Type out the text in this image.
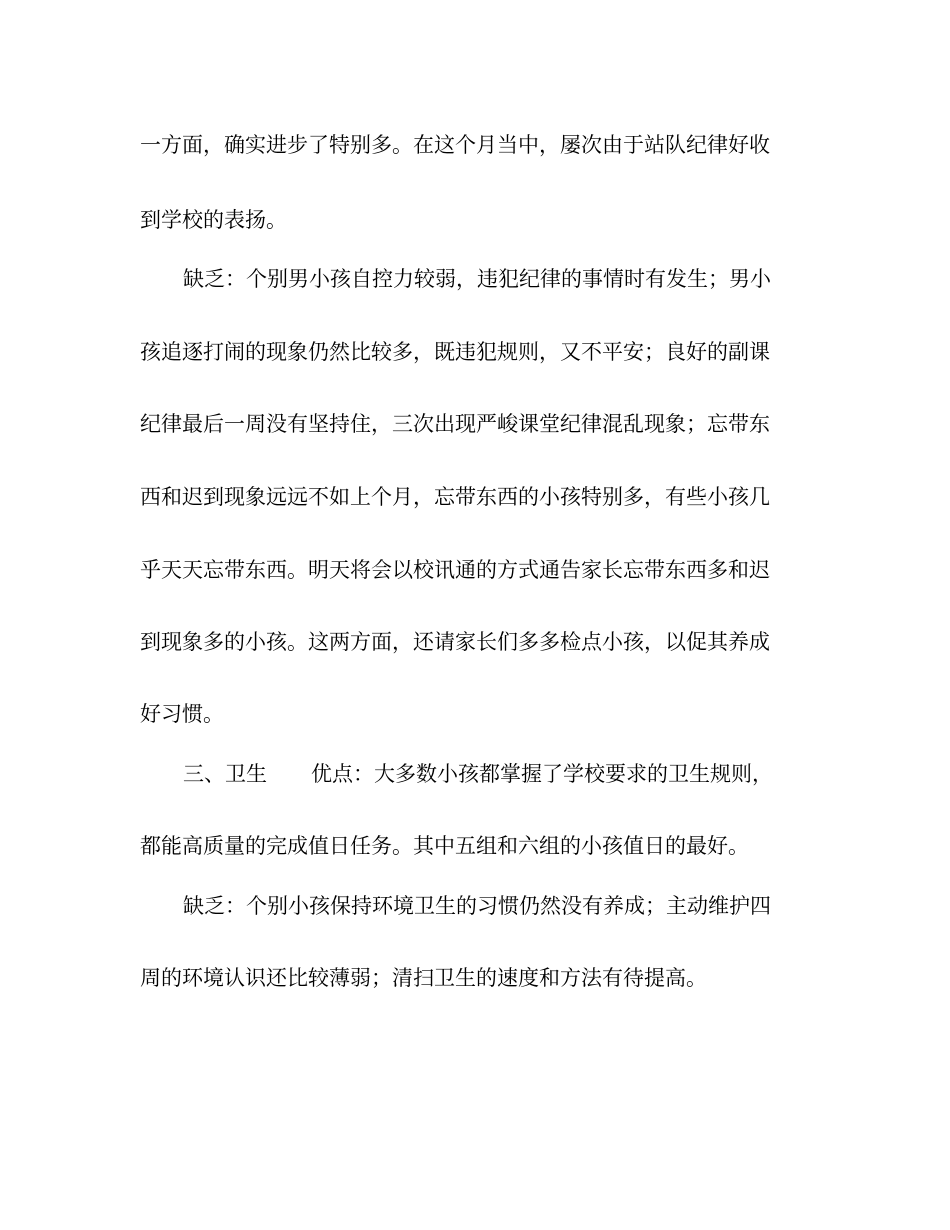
一方面，确实进步了特别多。在这个月当中，屡次由于站队纪律好收
到学校的表扬。
缺乏：个别男小孩自控力较弱，违犯纪律的事情时有发生；男小
孩追逐打闹的现象仍然比较多，既违犯规则，又不平安；良好的副课
纪律最后一周没有坚持住，三次出现严峻课堂纪律混乱现象；忘带东
西和迟到现象远远不如上个月，忘带东西的小孩特别多，有些小孩几
乎天天忘带东西。明天将会以校讯通的方式通告家长忘带东西多和迟
到现象多的小孩。这两方面，还请家长们多多检点小孩，以促其养成
好习惯。
三、卫生 优点：大多数小孩都掌握了学校要求的卫生规则，
都能高质量的完成值日任务。其中五组和六组的小孩值日的最好。
缺乏：个别小孩保持环境卫生的习惯仍然没有养成；主动维护四
周的环境认识还比较薄弱；清扫卫生的速度和方法有待提高。
